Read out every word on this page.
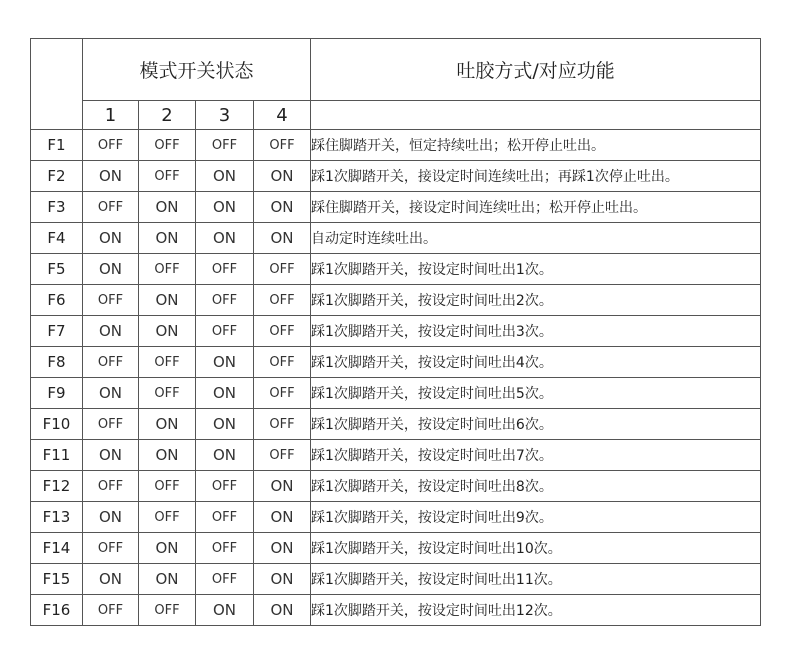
	模式开关状态				吐胶方式/对应功能
	1	2	3	4	
F1	OFF	OFF	OFF	OFF	踩住脚踏开关，恒定持续吐出；松开停止吐出。
F2	ON	OFF	ON	ON	踩1次脚踏开关，接设定时间连续吐出；再踩1次停止吐出。
F3	OFF	ON	ON	ON	踩住脚踏开关，接设定时间连续吐出；松开停止吐出。
F4	ON	ON	ON	ON	自动定时连续吐出。
F5	ON	OFF	OFF	OFF	踩1次脚踏开关，按设定时间吐出1次。
F6	OFF	ON	OFF	OFF	踩1次脚踏开关，按设定时间吐出2次。
F7	ON	ON	OFF	OFF	踩1次脚踏开关，按设定时间吐出3次。
F8	OFF	OFF	ON	OFF	踩1次脚踏开关，按设定时间吐出4次。
F9	ON	OFF	ON	OFF	踩1次脚踏开关，按设定时间吐出5次。
F10	OFF	ON	ON	OFF	踩1次脚踏开关，按设定时间吐出6次。
F11	ON	ON	ON	OFF	踩1次脚踏开关，按设定时间吐出7次。
F12	OFF	OFF	OFF	ON	踩1次脚踏开关，按设定时间吐出8次。
F13	ON	OFF	OFF	ON	踩1次脚踏开关，按设定时间吐出9次。
F14	OFF	ON	OFF	ON	踩1次脚踏开关，按设定时间吐出10次。
F15	ON	ON	OFF	ON	踩1次脚踏开关，按设定时间吐出11次。
F16	OFF	OFF	ON	ON	踩1次脚踏开关，按设定时间吐出12次。
